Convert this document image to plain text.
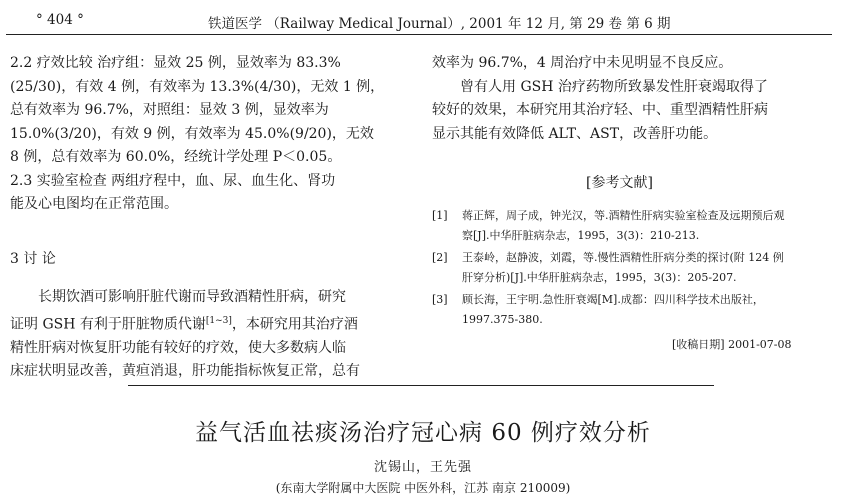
° 404 °	铁道医学 （Railway Medical Journal）, 2001 年 12 月, 第 29 卷 第 6 期
2.2 疗效比较 治疗组：显效 25 例，显效率为 83.3%
(25/30)，有效 4 例，有效率为 13.3%(4/30)，无效 1 例，
总有效率为 96.7%，对照组：显效 3 例，显效率为
15.0%(3/20)，有效 9 例，有效率为 45.0%(9/20)，无效
8 例，总有效率为 60.0%，经统计学处理 P＜0.05。
2.3 实验室检查 两组疗程中，血、尿、血生化、肾功
能及心电图均在正常范围。
3 讨 论
长期饮酒可影响肝脏代谢而导致酒精性肝病，研究
证明 GSH 有利于肝脏物质代谢[1~3]，本研究用其治疗酒
精性肝病对恢复肝功能有较好的疗效，使大多数病人临
床症状明显改善，黄疸消退，肝功能指标恢复正常，总有
效率为 96.7%，4 周治疗中未见明显不良反应。
曾有人用 GSH 治疗药物所致暴发性肝衰竭取得了
较好的效果，本研究用其治疗轻、中、重型酒精性肝病
显示其能有效降低 ALT、AST，改善肝功能。
[参考文献]
[1] 蒋正辉，周子成，钟光汉，等.酒精性肝病实验室检查及远期预后观
察[J].中华肝脏病杂志，1995，3(3)：210-213.
[2] 王泰岭，赵静波，刘霞，等.慢性酒精性肝病分类的探讨(附 124 例
肝穿分析)[J].中华肝脏病杂志，1995，3(3)：205-207.
[3] 顾长海，王宇明.急性肝衰竭[M].成都：四川科学技术出版社，
1997.375-380.
[收稿日期] 2001-07-08
益气活血祛痰汤治疗冠心病 60 例疗效分析
沈锡山，王先强
(东南大学附属中大医院 中医外科，江苏 南京 210009)
